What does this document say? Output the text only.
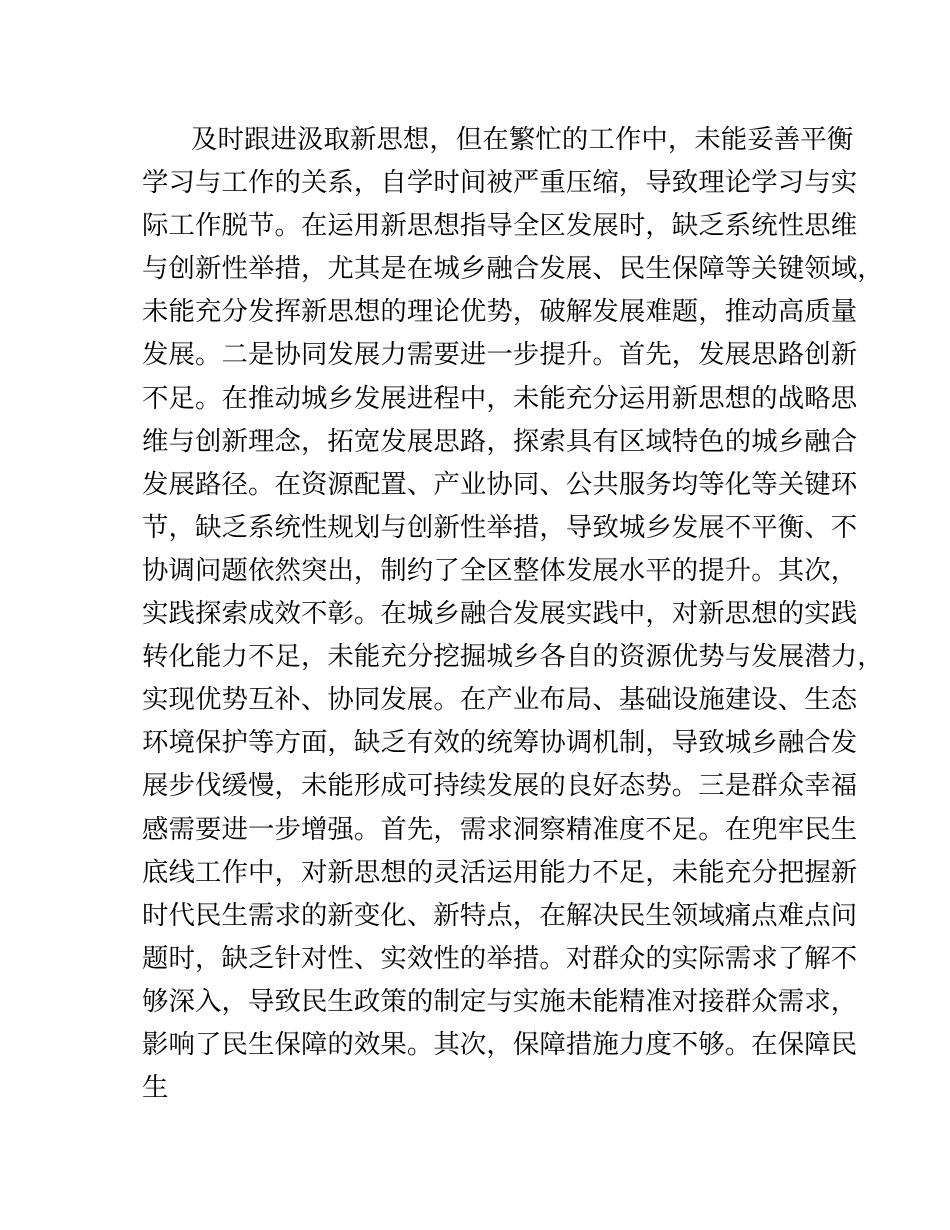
及时跟进汲取新思想，但在繁忙的工作中，未能妥善平衡
学习与工作的关系，自学时间被严重压缩，导致理论学习与实
际工作脱节。在运用新思想指导全区发展时，缺乏系统性思维
与创新性举措，尤其是在城乡融合发展、民生保障等关键领域，
未能充分发挥新思想的理论优势，破解发展难题，推动高质量
发展。二是协同发展力需要进一步提升。首先，发展思路创新
不足。在推动城乡发展进程中，未能充分运用新思想的战略思
维与创新理念，拓宽发展思路，探索具有区域特色的城乡融合
发展路径。在资源配置、产业协同、公共服务均等化等关键环
节，缺乏系统性规划与创新性举措，导致城乡发展不平衡、不
协调问题依然突出，制约了全区整体发展水平的提升。其次，
实践探索成效不彰。在城乡融合发展实践中，对新思想的实践
转化能力不足，未能充分挖掘城乡各自的资源优势与发展潜力，
实现优势互补、协同发展。在产业布局、基础设施建设、生态
环境保护等方面，缺乏有效的统筹协调机制，导致城乡融合发
展步伐缓慢，未能形成可持续发展的良好态势。三是群众幸福
感需要进一步增强。首先，需求洞察精准度不足。在兜牢民生
底线工作中，对新思想的灵活运用能力不足，未能充分把握新
时代民生需求的新变化、新特点，在解决民生领域痛点难点问
题时，缺乏针对性、实效性的举措。对群众的实际需求了解不
够深入，导致民生政策的制定与实施未能精准对接群众需求，
影响了民生保障的效果。其次，保障措施力度不够。在保障民
生
